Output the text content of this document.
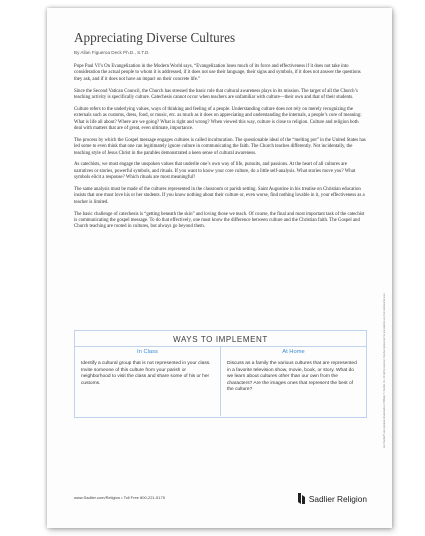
Appreciating Diverse Cultures

By Allan Figueroa Deck Ph.D., S.T.D.

Pope Paul VI’s On Evangelization in the Modern World says, “Evangelization loses much of its force and effectiveness if it does not take into consideration the actual people to whom it is addressed, if it does not use their language, their signs and symbols, if it does not answer the questions they ask, and if it does not have an impact on their concrete life.”

Since the Second Vatican Council, the Church has stressed the basic role that cultural awareness plays in its mission. The target of all the Church’s teaching activity is specifically culture. Catechesis cannot occur when teachers are unfamiliar with culture—their own and that of their students.

Culture refers to the underlying values, ways of thinking and feeling of a people. Understanding culture does not rely on merely recognizing the externals such as customs, dress, food, or music, etc. as much as it does on appreciating and understanding the internals, a people’s core of meaning: What is life all about? Where are we going? What is right and wrong? When viewed this way, culture is close to religion. Culture and religion both deal with matters that are of great, even ultimate, importance.

The process by which the Gospel message engages cultures is called inculturation. The questionable ideal of the “melting pot” in the United States has led some to even think that one can legitimately ignore culture in communicating the faith. The Church teaches differently. Not incidentally, the teaching style of Jesus Christ in the parables demonstrated a keen sense of cultural awareness.

As catechists, we must engage the unspoken values that underlie one’s own way of life, pursuits, and passions. At the heart of all cultures are narratives or stories, powerful symbols, and rituals. If you want to know your core culture, do a little self-analysis. What stories move you? What symbols elicit a response? Which rituals are most meaningful?

The same analysis must be made of the cultures represented in the classroom or parish setting. Saint Augustine in his treatise on Christian education insists that one must love his or her students. If you know nothing about their culture or, even worse, find nothing lovable in it, your effectiveness as a teacher is limited.

The basic challenge of catechesis is “getting beneath the skin” and loving those we teach. Of course, the final and most important task of the catechist is communicating the gospel message. To do that effectively, one must know the difference between culture and the Christian faith. The Gospel and Church teaching are rooted in cultures, but always go beyond them.

WAYS TO IMPLEMENT
In Class

Identify a cultural group that is not represented in your class. Invite someone of this culture from your parish or neighborhood to visit the class and share some of his or her customs.

At Home

Discuss as a family the various cultures that are represented in a favorite television show, movie, book, or story. What do we learn about cultures other than our own from the characters? Are the images ones that represent the best of the culture?

www.Sadlier.com/Religion • Toll Free 800-221-5175	Sadlier Religion
and Sadlier® are registered trademarks of William H. Sadlier, Inc. All rights reserved. May be reproduced for educational use (not commercial use).
